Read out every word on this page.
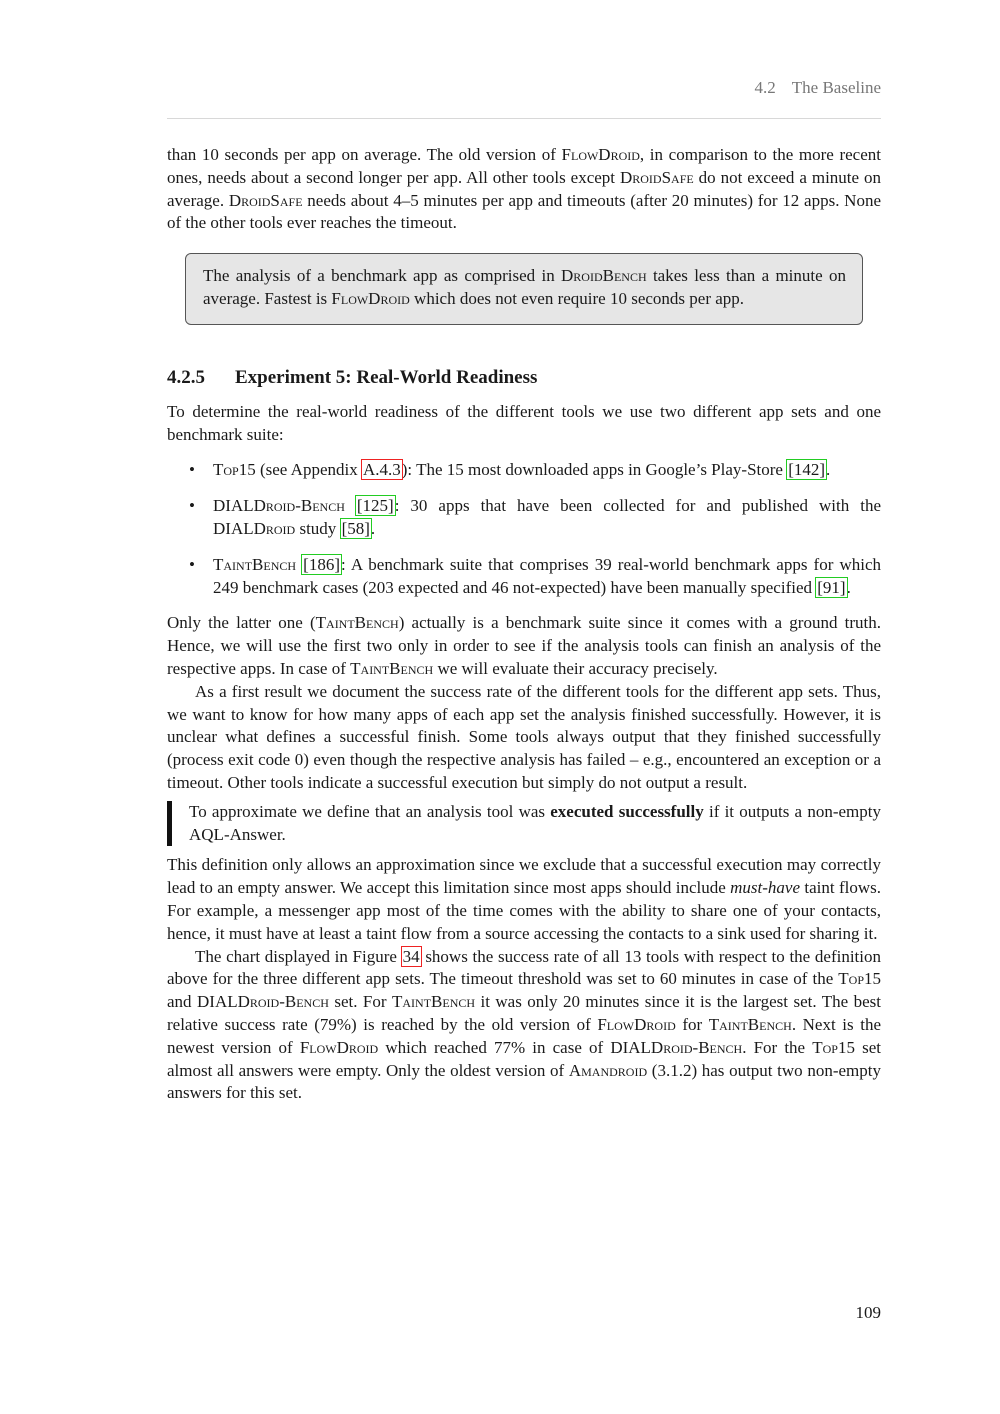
4.2 The Baseline

than 10 seconds per app on average. The old version of FlowDroid, in comparison to the more recent ones, needs about a second longer per app. All other tools except DroidSafe do not exceed a minute on average. DroidSafe needs about 4–5 minutes per app and timeouts (after 20 minutes) for 12 apps. None of the other tools ever reaches the timeout.

The analysis of a benchmark app as comprised in DroidBench takes less than a minute on average. Fastest is FlowDroid which does not even require 10 seconds per app.
4.2.5 Experiment 5: Real-World Readiness

To determine the real-world readiness of the different tools we use two different app sets and one benchmark suite:

• Top15 (see Appendix A.4.3): The 15 most downloaded apps in Google’s Play-Store [142].
• DIALDroid-Bench [125]: 30 apps that have been collected for and published with the DIALDroid study [58].
• TaintBench [186]: A benchmark suite that comprises 39 real-world benchmark apps for which 249 benchmark cases (203 expected and 46 not-expected) have been manually specified [91].

Only the latter one (TaintBench) actually is a benchmark suite since it comes with a ground truth. Hence, we will use the first two only in order to see if the analysis tools can finish an analysis of the respective apps. In case of TaintBench we will evaluate their accuracy precisely.

As a first result we document the success rate of the different tools for the different app sets. Thus, we want to know for how many apps of each app set the analysis finished successfully. However, it is unclear what defines a successful finish. Some tools always output that they finished successfully (process exit code 0) even though the respective analysis has failed – e.g., encountered an exception or a timeout. Other tools indicate a successful execution but simply do not output a result.

To approximate we define that an analysis tool was executed successfully if it outputs a non-empty AQL-Answer.

This definition only allows an approximation since we exclude that a successful execution may correctly lead to an empty answer. We accept this limitation since most apps should include must-have taint flows. For example, a messenger app most of the time comes with the ability to share one of your contacts, hence, it must have at least a taint flow from a source accessing the contacts to a sink used for sharing it.

The chart displayed in Figure 34 shows the success rate of all 13 tools with respect to the definition above for the three different app sets. The timeout threshold was set to 60 minutes in case of the Top15 and DIALDroid-Bench set. For TaintBench it was only 20 minutes since it is the largest set. The best relative success rate (79%) is reached by the old version of FlowDroid for TaintBench. Next is the newest version of FlowDroid which reached 77% in case of DIALDroid-Bench. For the Top15 set almost all answers were empty. Only the oldest version of Amandroid (3.1.2) has output two non-empty answers for this set.

109
